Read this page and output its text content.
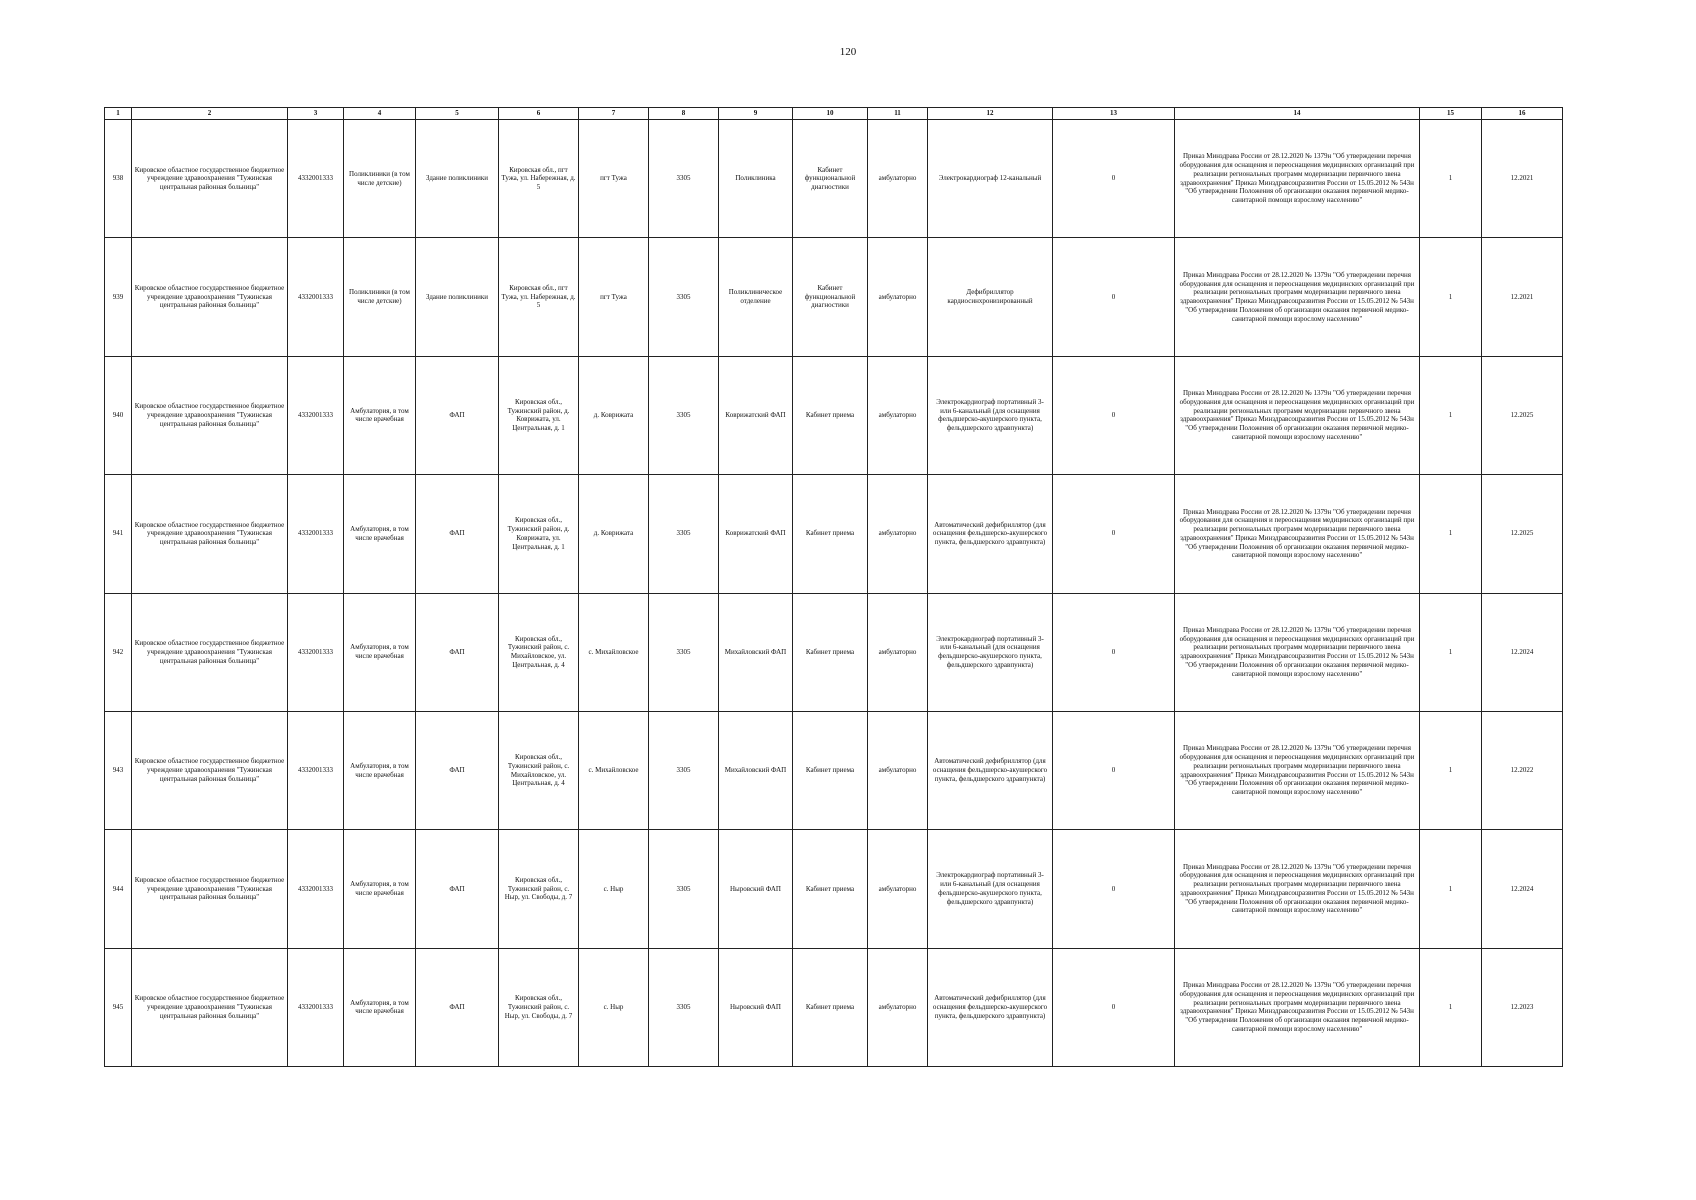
120
1	2	3	4	5	6	7	8	9	10	11	12	13	14	15	16
938	Кировское областное государственное бюджетное учреждение здравоохранения "Тужинская центральная районная больница"	4332001333	Поликлиники (в том числе детские)	Здание поликлиники	Кировская обл., пгт Тужа, ул. Набережная, д. 5	пгт Тужа	3305	Поликлиника	Кабинет функциональной диагностики	амбулаторно	Электрокардиограф 12-канальный	0	Приказ Минздрава России от 28.12.2020 № 1379н "Об утверждении перечня оборудования для оснащения и переоснащения медицинских организаций при реализации региональных программ модернизации первичного звена здравоохранения" Приказ Минздравсоцразвития России от 15.05.2012 № 543н "Об утверждении Положения об организации оказания первичной медико-санитарной помощи взрослому населению"	1	12.2021
939	Кировское областное государственное бюджетное учреждение здравоохранения "Тужинская центральная районная больница"	4332001333	Поликлиники (в том числе детские)	Здание поликлиники	Кировская обл., пгт Тужа, ул. Набережная, д. 5	пгт Тужа	3305	Поликлиническое отделение	Кабинет функциональной диагностики	амбулаторно	Дефибриллятор кардиосинхронизированный	0	Приказ Минздрава России от 28.12.2020 № 1379н "Об утверждении перечня оборудования для оснащения и переоснащения медицинских организаций при реализации региональных программ модернизации первичного звена здравоохранения" Приказ Минздравсоцразвития России от 15.05.2012 № 543н "Об утверждении Положения об организации оказания первичной медико-санитарной помощи взрослому населению"	1	12.2021
940	Кировское областное государственное бюджетное учреждение здравоохранения "Тужинская центральная районная больница"	4332001333	Амбулатория, в том числе врачебная	ФАП	Кировская обл., Тужинский район, д. Коврижата, ул. Центральная, д. 1	д. Коврижата	3305	Коврижатский ФАП	Кабинет приема	амбулаторно	Электрокардиограф портативный 3- или 6-канальный (для оснащения фельдшерско-акушерского пункта, фельдшерского здравпункта)	0	Приказ Минздрава России от 28.12.2020 № 1379н "Об утверждении перечня оборудования для оснащения и переоснащения медицинских организаций при реализации региональных программ модернизации первичного звена здравоохранения" Приказ Минздравсоцразвития России от 15.05.2012 № 543н "Об утверждении Положения об организации оказания первичной медико-санитарной помощи взрослому населению"	1	12.2025
941	Кировское областное государственное бюджетное учреждение здравоохранения "Тужинская центральная районная больница"	4332001333	Амбулатория, в том числе врачебная	ФАП	Кировская обл., Тужинский район, д. Коврижата, ул. Центральная, д. 1	д. Коврижата	3305	Коврижатский ФАП	Кабинет приема	амбулаторно	Автоматический дефибриллятор (для оснащения фельдшерско-акушерского пункта, фельдшерского здравпункта)	0	Приказ Минздрава России от 28.12.2020 № 1379н "Об утверждении перечня оборудования для оснащения и переоснащения медицинских организаций при реализации региональных программ модернизации первичного звена здравоохранения" Приказ Минздравсоцразвития России от 15.05.2012 № 543н "Об утверждении Положения об организации оказания первичной медико-санитарной помощи взрослому населению"	1	12.2025
942	Кировское областное государственное бюджетное учреждение здравоохранения "Тужинская центральная районная больница"	4332001333	Амбулатория, в том числе врачебная	ФАП	Кировская обл., Тужинский район, с. Михайловское, ул. Центральная, д. 4	с. Михайловское	3305	Михайловский ФАП	Кабинет приема	амбулаторно	Электрокардиограф портативный 3- или 6-канальный (для оснащения фельдшерско-акушерского пункта, фельдшерского здравпункта)	0	Приказ Минздрава России от 28.12.2020 № 1379н "Об утверждении перечня оборудования для оснащения и переоснащения медицинских организаций при реализации региональных программ модернизации первичного звена здравоохранения" Приказ Минздравсоцразвития России от 15.05.2012 № 543н "Об утверждении Положения об организации оказания первичной медико-санитарной помощи взрослому населению"	1	12.2024
943	Кировское областное государственное бюджетное учреждение здравоохранения "Тужинская центральная районная больница"	4332001333	Амбулатория, в том числе врачебная	ФАП	Кировская обл., Тужинский район, с. Михайловское, ул. Центральная, д. 4	с. Михайловское	3305	Михайловский ФАП	Кабинет приема	амбулаторно	Автоматический дефибриллятор (для оснащения фельдшерско-акушерского пункта, фельдшерского здравпункта)	0	Приказ Минздрава России от 28.12.2020 № 1379н "Об утверждении перечня оборудования для оснащения и переоснащения медицинских организаций при реализации региональных программ модернизации первичного звена здравоохранения" Приказ Минздравсоцразвития России от 15.05.2012 № 543н "Об утверждении Положения об организации оказания первичной медико-санитарной помощи взрослому населению"	1	12.2022
944	Кировское областное государственное бюджетное учреждение здравоохранения "Тужинская центральная районная больница"	4332001333	Амбулатория, в том числе врачебная	ФАП	Кировская обл., Тужинский район, с. Ныр, ул. Свободы, д. 7	с. Ныр	3305	Ныровский ФАП	Кабинет приема	амбулаторно	Электрокардиограф портативный 3- или 6-канальный (для оснащения фельдшерско-акушерского пункта, фельдшерского здравпункта)	0	Приказ Минздрава России от 28.12.2020 № 1379н "Об утверждении перечня оборудования для оснащения и переоснащения медицинских организаций при реализации региональных программ модернизации первичного звена здравоохранения" Приказ Минздравсоцразвития России от 15.05.2012 № 543н "Об утверждении Положения об организации оказания первичной медико-санитарной помощи взрослому населению"	1	12.2024
945	Кировское областное государственное бюджетное учреждение здравоохранения "Тужинская центральная районная больница"	4332001333	Амбулатория, в том числе врачебная	ФАП	Кировская обл., Тужинский район, с. Ныр, ул. Свободы, д. 7	с. Ныр	3305	Ныровский ФАП	Кабинет приема	амбулаторно	Автоматический дефибриллятор (для оснащения фельдшерско-акушерского пункта, фельдшерского здравпункта)	0	Приказ Минздрава России от 28.12.2020 № 1379н "Об утверждении перечня оборудования для оснащения и переоснащения медицинских организаций при реализации региональных программ модернизации первичного звена здравоохранения" Приказ Минздравсоцразвития России от 15.05.2012 № 543н "Об утверждении Положения об организации оказания первичной медико-санитарной помощи взрослому населению"	1	12.2023
